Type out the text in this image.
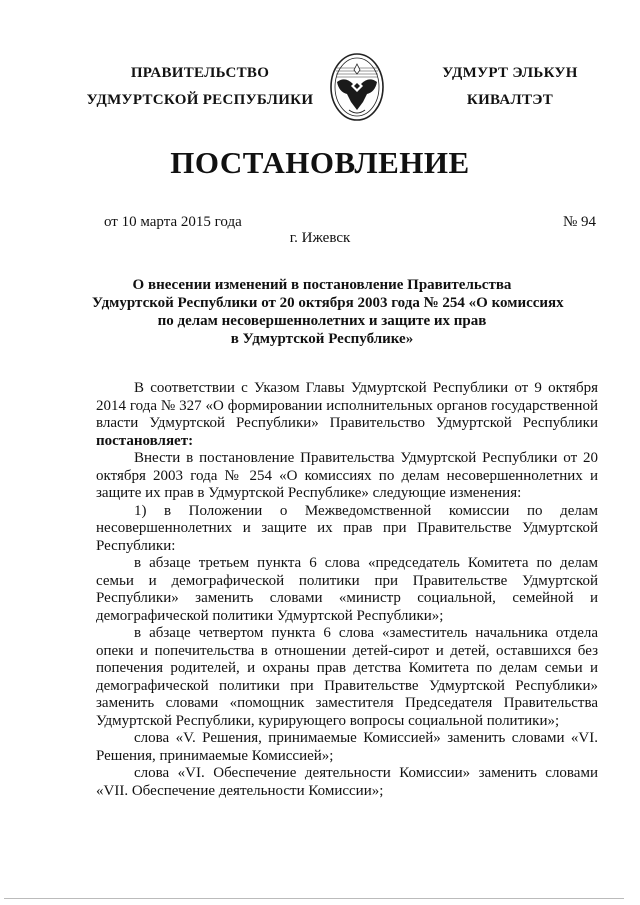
ПРАВИТЕЛЬСТВО
УДМУРТСКОЙ РЕСПУБЛИКИ
УДМУРТ ЭЛЬКУН
КИВАЛТЭТ
ПОСТАНОВЛЕНИЕ
от 10 марта 2015 года	№ 94
г. Ижевск
О внесении изменений в постановление Правительства
Удмуртской Республики от 20 октября 2003 года № 254 «О комиссиях
по делам несовершеннолетних и защите их прав
в Удмуртской Республике»

В соответствии с Указом Главы Удмуртской Республики от 9 октября 2014 года № 327 «О формировании исполнительных органов государственной власти Удмуртской Республики» Правительство Удмуртской Республики постановляет:

Внести в постановление Правительства Удмуртской Республики от 20 октября 2003 года № 254 «О комиссиях по делам несовершеннолетних и защите их прав в Удмуртской Республике» следующие изменения:

1) в Положении о Межведомственной комиссии по делам несовершеннолетних и защите их прав при Правительстве Удмуртской Республики:

в абзаце третьем пункта 6 слова «председатель Комитета по делам семьи и демографической политики при Правительстве Удмуртской Республики» заменить словами «министр социальной, семейной и демографической политики Удмуртской Республики»;

в абзаце четвертом пункта 6 слова «заместитель начальника отдела опеки и попечительства в отношении детей-сирот и детей, оставшихся без попечения родителей, и охраны прав детства Комитета по делам семьи и демографической политики при Правительстве Удмуртской Республики» заменить словами «помощник заместителя Председателя Правительства Удмуртской Республики, курирующего вопросы социальной политики»;

слова «V. Решения, принимаемые Комиссией» заменить словами «VI. Решения, принимаемые Комиссией»;

слова «VI. Обеспечение деятельности Комиссии» заменить словами «VII. Обеспечение деятельности Комиссии»;
